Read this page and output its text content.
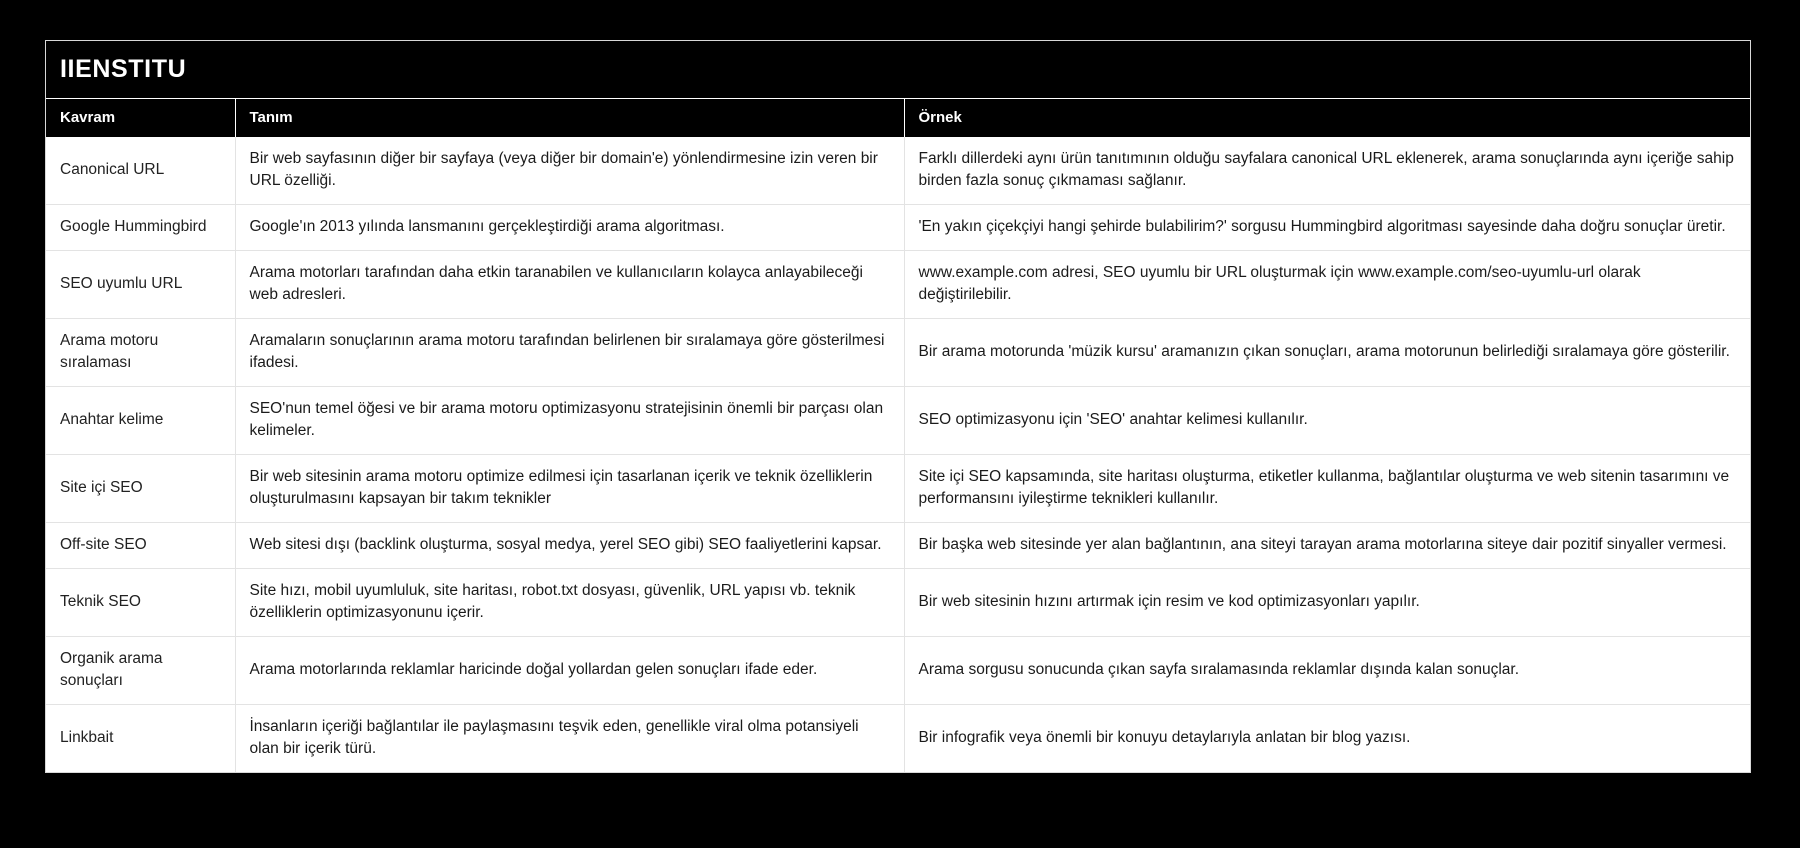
IIENSTITU
Kavram	Tanım	Örnek
Canonical URL	Bir web sayfasının diğer bir sayfaya (veya diğer bir domain'e) yönlendirmesine izin veren bir URL özelliği.	Farklı dillerdeki aynı ürün tanıtımının olduğu sayfalara canonical URL eklenerek, arama sonuçlarında aynı içeriğe sahip birden fazla sonuç çıkmaması sağlanır.
Google Hummingbird	Google'ın 2013 yılında lansmanını gerçekleştirdiği arama algoritması.	'En yakın çiçekçiyi hangi şehirde bulabilirim?' sorgusu Hummingbird algoritması sayesinde daha doğru sonuçlar üretir.
SEO uyumlu URL	Arama motorları tarafından daha etkin taranabilen ve kullanıcıların kolayca anlayabileceği web adresleri.	www.example.com adresi, SEO uyumlu bir URL oluşturmak için www.example.com/seo-uyumlu-url olarak değiştirilebilir.
Arama motoru sıralaması	Aramaların sonuçlarının arama motoru tarafından belirlenen bir sıralamaya göre gösterilmesi ifadesi.	Bir arama motorunda 'müzik kursu' aramanızın çıkan sonuçları, arama motorunun belirlediği sıralamaya göre gösterilir.
Anahtar kelime	SEO'nun temel öğesi ve bir arama motoru optimizasyonu stratejisinin önemli bir parçası olan kelimeler.	SEO optimizasyonu için 'SEO' anahtar kelimesi kullanılır.
Site içi SEO	Bir web sitesinin arama motoru optimize edilmesi için tasarlanan içerik ve teknik özelliklerin oluşturulmasını kapsayan bir takım teknikler	Site içi SEO kapsamında, site haritası oluşturma, etiketler kullanma, bağlantılar oluşturma ve web sitenin tasarımını ve performansını iyileştirme teknikleri kullanılır.
Off-site SEO	Web sitesi dışı (backlink oluşturma, sosyal medya, yerel SEO gibi) SEO faaliyetlerini kapsar.	Bir başka web sitesinde yer alan bağlantının, ana siteyi tarayan arama motorlarına siteye dair pozitif sinyaller vermesi.
Teknik SEO	Site hızı, mobil uyumluluk, site haritası, robot.txt dosyası, güvenlik, URL yapısı vb. teknik özelliklerin optimizasyonunu içerir.	Bir web sitesinin hızını artırmak için resim ve kod optimizasyonları yapılır.
Organik arama sonuçları	Arama motorlarında reklamlar haricinde doğal yollardan gelen sonuçları ifade eder.	Arama sorgusu sonucunda çıkan sayfa sıralamasında reklamlar dışında kalan sonuçlar.
Linkbait	İnsanların içeriği bağlantılar ile paylaşmasını teşvik eden, genellikle viral olma potansiyeli olan bir içerik türü.	Bir infografik veya önemli bir konuyu detaylarıyla anlatan bir blog yazısı.
